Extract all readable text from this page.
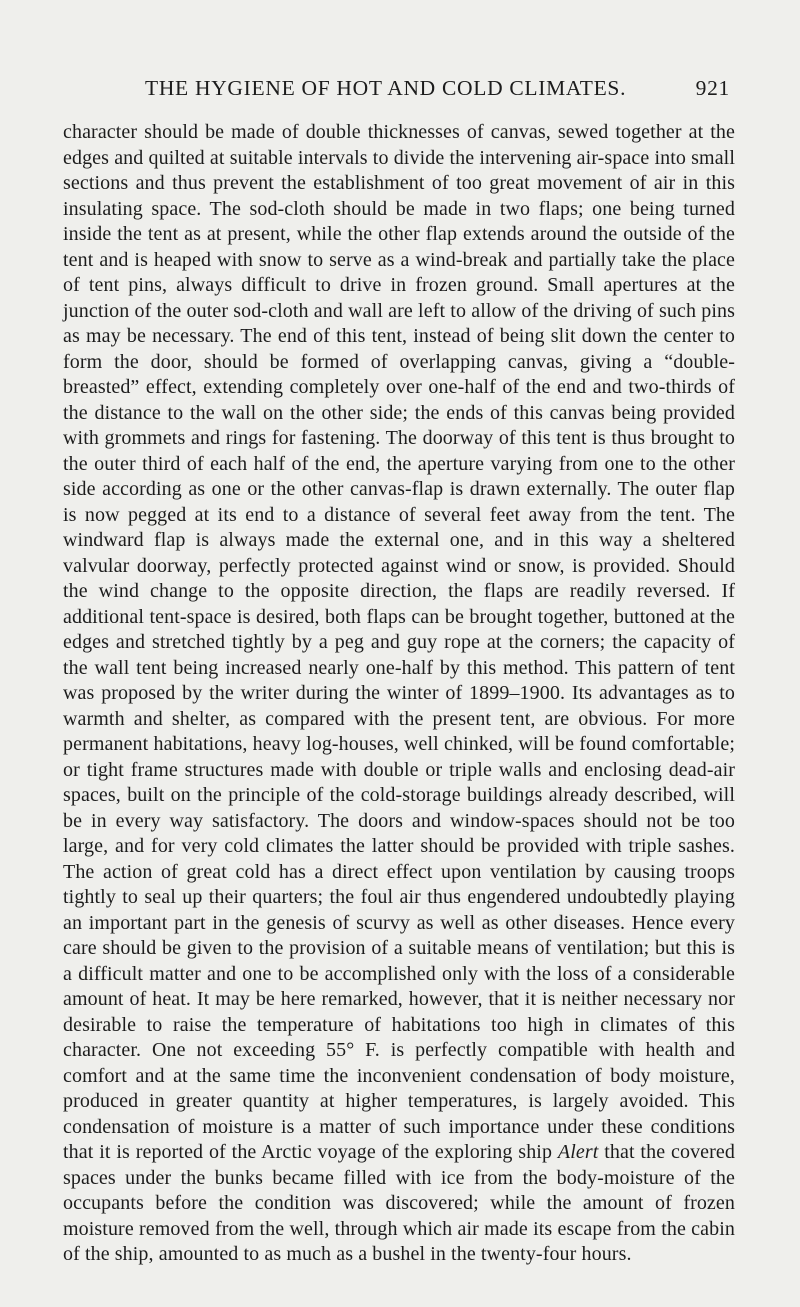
THE HYGIENE OF HOT AND COLD CLIMATES.	921

character should be made of double thicknesses of canvas, sewed together at the edges and quilted at suitable intervals to divide the intervening air-space into small sections and thus prevent the establishment of too great movement of air in this insulating space. The sod-cloth should be made in two flaps; one being turned inside the tent as at present, while the other flap extends around the outside of the tent and is heaped with snow to serve as a wind-break and partially take the place of tent pins, always difficult to drive in frozen ground. Small apertures at the junction of the outer sod-cloth and wall are left to allow of the driving of such pins as may be necessary. The end of this tent, instead of being slit down the center to form the door, should be formed of overlapping canvas, giving a “double-breasted” effect, extending completely over one-half of the end and two-thirds of the distance to the wall on the other side; the ends of this canvas being provided with grommets and rings for fastening. The doorway of this tent is thus brought to the outer third of each half of the end, the aperture varying from one to the other side according as one or the other canvas-flap is drawn externally. The outer flap is now pegged at its end to a distance of several feet away from the tent. The windward flap is always made the external one, and in this way a sheltered valvular doorway, perfectly protected against wind or snow, is provided. Should the wind change to the opposite direction, the flaps are readily reversed. If additional tent-space is desired, both flaps can be brought together, buttoned at the edges and stretched tightly by a peg and guy rope at the corners; the capacity of the wall tent being increased nearly one-half by this method. This pattern of tent was proposed by the writer during the winter of 1899–1900. Its advantages as to warmth and shelter, as compared with the present tent, are obvious. For more permanent habitations, heavy log-houses, well chinked, will be found comfortable; or tight frame structures made with double or triple walls and enclosing dead-air spaces, built on the principle of the cold-storage buildings already described, will be in every way satisfactory. The doors and window-spaces should not be too large, and for very cold climates the latter should be provided with triple sashes. The action of great cold has a direct effect upon ventilation by causing troops tightly to seal up their quarters; the foul air thus engendered undoubtedly playing an important part in the genesis of scurvy as well as other diseases. Hence every care should be given to the provision of a suitable means of ventilation; but this is a difficult matter and one to be accomplished only with the loss of a considerable amount of heat. It may be here remarked, however, that it is neither necessary nor desirable to raise the temperature of habitations too high in climates of this character. One not exceeding 55° F. is perfectly compatible with health and comfort and at the same time the inconvenient condensation of body moisture, produced in greater quantity at higher temperatures, is largely avoided. This condensation of moisture is a matter of such importance under these conditions that it is reported of the Arctic voyage of the exploring ship Alert that the covered spaces under the bunks became filled with ice from the body-moisture of the occupants before the condition was discovered; while the amount of frozen moisture removed from the well, through which air made its escape from the cabin of the ship, amounted to as much as a bushel in the twenty-four hours.
